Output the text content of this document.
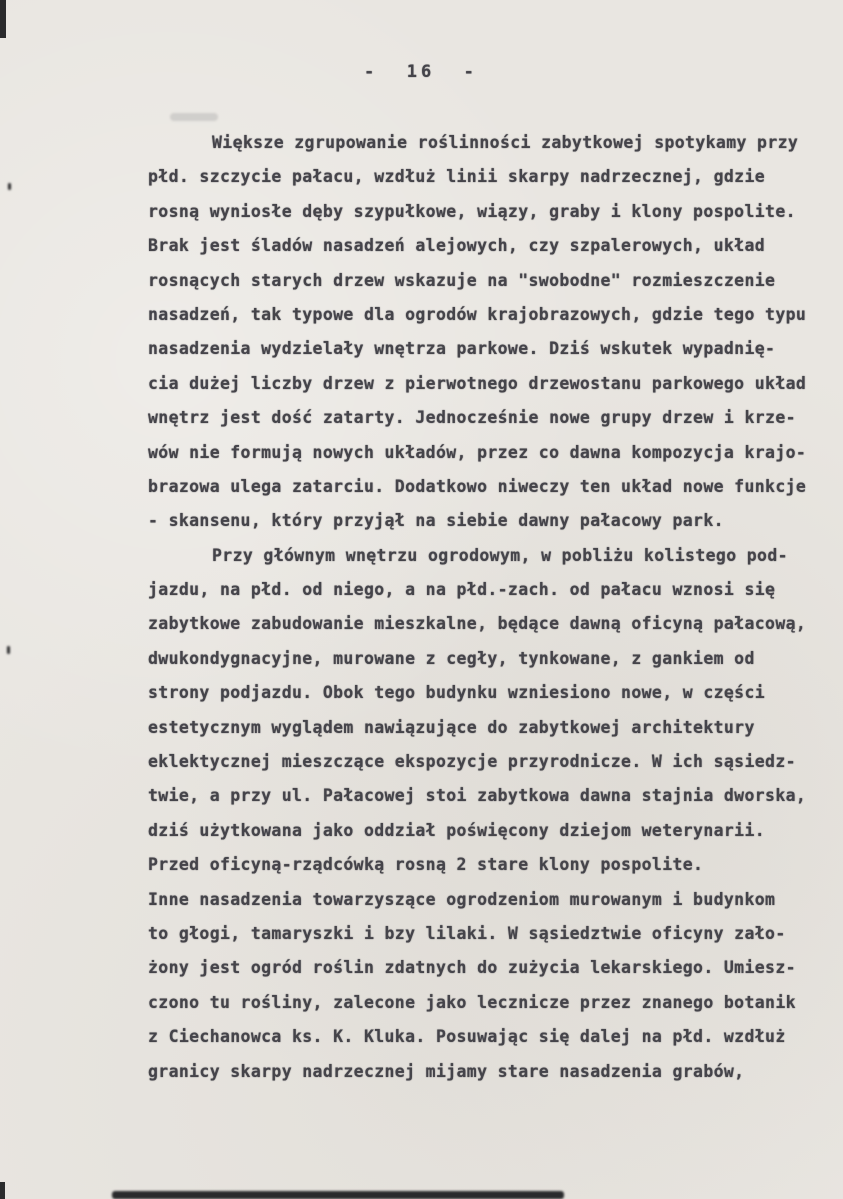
-  16  -
Większe zgrupowanie roślinności zabytkowej spotykamy przy
płd. szczycie pałacu, wzdłuż linii skarpy nadrzecznej, gdzie
rosną wyniosłe dęby szypułkowe, wiązy, graby i klony pospolite.
Brak jest śladów nasadzeń alejowych, czy szpalerowych, układ
rosnących starych drzew wskazuje na "swobodne" rozmieszczenie
nasadzeń, tak typowe dla ogrodów krajobrazowych, gdzie tego typu
nasadzenia wydzielały wnętrza parkowe. Dziś wskutek wypadnię-
cia dużej liczby drzew z pierwotnego drzewostanu parkowego układ
wnętrz jest dość zatarty. Jednocześnie nowe grupy drzew i krze-
wów nie formują nowych układów, przez co dawna kompozycja krajo-
brazowa ulega zatarciu. Dodatkowo niweczy ten układ nowe funkcje
- skansenu, który przyjął na siebie dawny pałacowy park.
Przy głównym wnętrzu ogrodowym, w pobliżu kolistego pod-
jazdu, na płd. od niego, a na płd.-zach. od pałacu wznosi się
zabytkowe zabudowanie mieszkalne, będące dawną oficyną pałacową,
dwukondygnacyjne, murowane z cegły, tynkowane, z gankiem od
strony podjazdu. Obok tego budynku wzniesiono nowe, w części
estetycznym wyglądem nawiązujące do zabytkowej architektury
eklektycznej mieszczące ekspozycje przyrodnicze. W ich sąsiedz-
twie, a przy ul. Pałacowej stoi zabytkowa dawna stajnia dworska,
dziś użytkowana jako oddział poświęcony dziejom weterynarii.
Przed oficyną-rządcówką rosną 2 stare klony pospolite.
Inne nasadzenia towarzyszące ogrodzeniom murowanym i budynkom
to głogi, tamaryszki i bzy lilaki. W sąsiedztwie oficyny zało-
żony jest ogród roślin zdatnych do zużycia lekarskiego. Umiesz-
czono tu rośliny, zalecone jako lecznicze przez znanego botanik
z Ciechanowca ks. K. Kluka. Posuwając się dalej na płd. wzdłuż
granicy skarpy nadrzecznej mijamy stare nasadzenia grabów,
